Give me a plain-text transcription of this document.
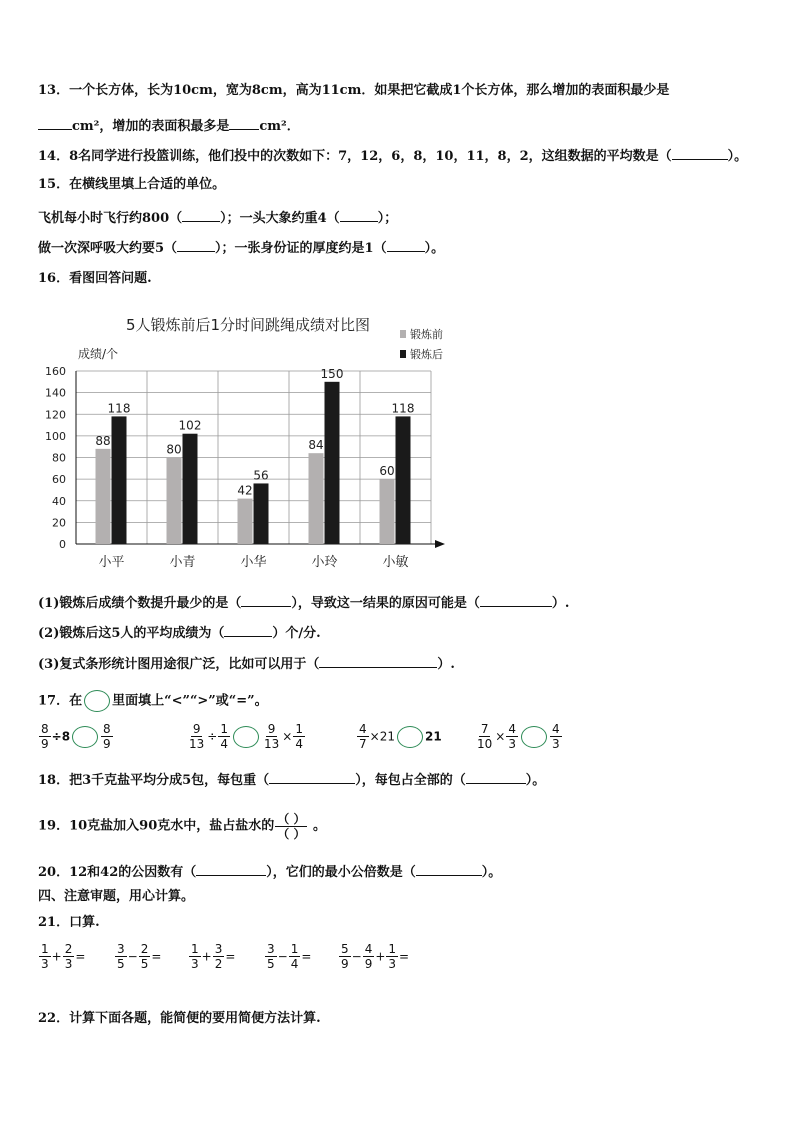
13．一个长方体，长为10cm，宽为8cm，高为11cm．如果把它截成1个长方体，那么增加的表面积最少是
cm²，增加的表面积最多是 cm²．
14．8名同学进行投篮训练，他们投中的次数如下：7，12，6，8，10，11，8，2，这组数据的平均数是（	）。
15．在横线里填上合适的单位。
飞机每小时飞行约800（	）；一头大象约重4（	）；
做一次深呼吸大约要5（	）；一张身份证的厚度约是1（	）。
16．看图回答问题.
5人锻炼前后1分时间跳绳成绩对比图
成绩/个
0
20
40
60
80
100
120
140
160
88
118
小平
80
102
小青
42
56
小华
84
150
小玲
60
118
小敏
锻炼前
锻炼后
(1)锻炼后成绩个数提升最少的是（	），导致这一结果的原因可能是（	）.
(2)锻炼后这5人的平均成绩为（	）个/分.
(3)复式条形统计图用途很广泛，比如可以用于（	）.
17．在 里面填上“<”“>”或“=”。
$\frac{8}{9} \div 8$	$\frac{8}{9}$	$\frac{9}{13} \div \frac{1}{4}$	$\frac{9}{13} \times \frac{1}{4}$	$\frac{4}{7} \times 21$	21	$\frac{7}{10} \times \frac{4}{3}$	$\frac{4}{3}$
18．把3千克盐平均分成5包，每包重（	），每包占全部的（	）。
19．10克盐加入90克水中，盐占盐水的 $\frac{( )}{( )}$ 。
20．12和42的公因数有（	），它们的最小公倍数是（	）。
四、注意审题，用心计算。
21．口算.
$\frac{1}{3} + \frac{2}{3} = \frac{3}{5} - \frac{2}{5} = \frac{1}{3} + \frac{3}{2} = \frac{3}{5} - \frac{1}{4} = \frac{5}{9} - \frac{4}{9} + \frac{1}{3}$ =
22．计算下面各题，能简便的要用简便方法计算.
